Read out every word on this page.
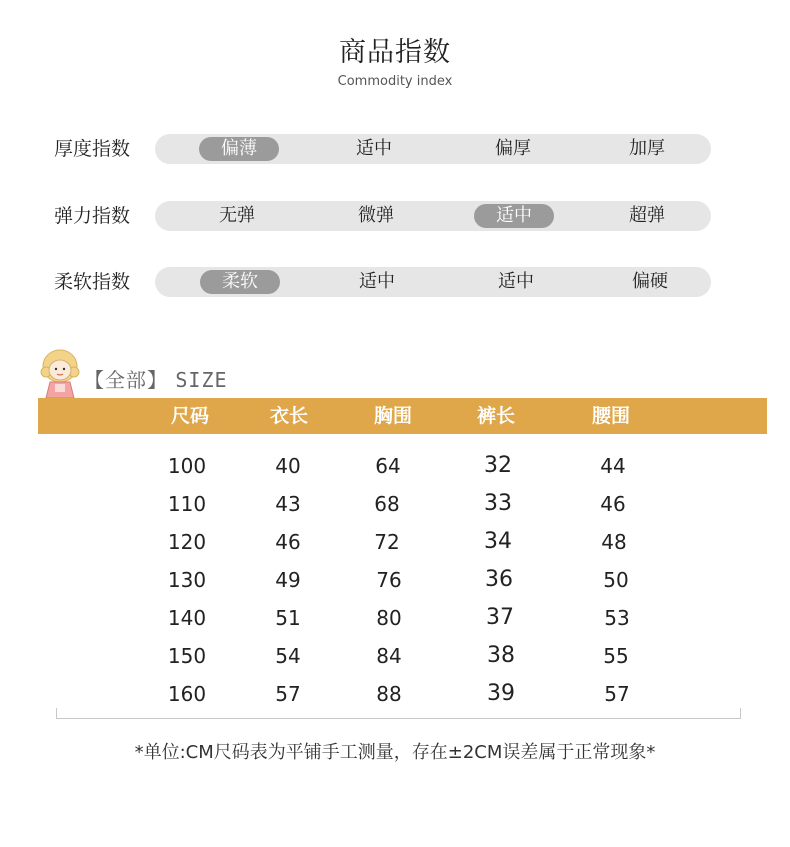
商品指数
Commodity index
厚度指数	偏薄	适中	偏厚	加厚
弹力指数	无弹	微弹	适中	超弹
柔软指数	柔软	适中	适中	偏硬
【全部】 SIZE
尺码	衣长	胸围	裤长	腰围
100	40	64	32	44
110	43	68	33	46
120	46	72	34	48
130	49	76	36	50
140	51	80	37	53
150	54	84	38	55
160	57	88	39	57
*单位:CM尺码表为平铺手工测量，存在±2CM误差属于正常现象*
